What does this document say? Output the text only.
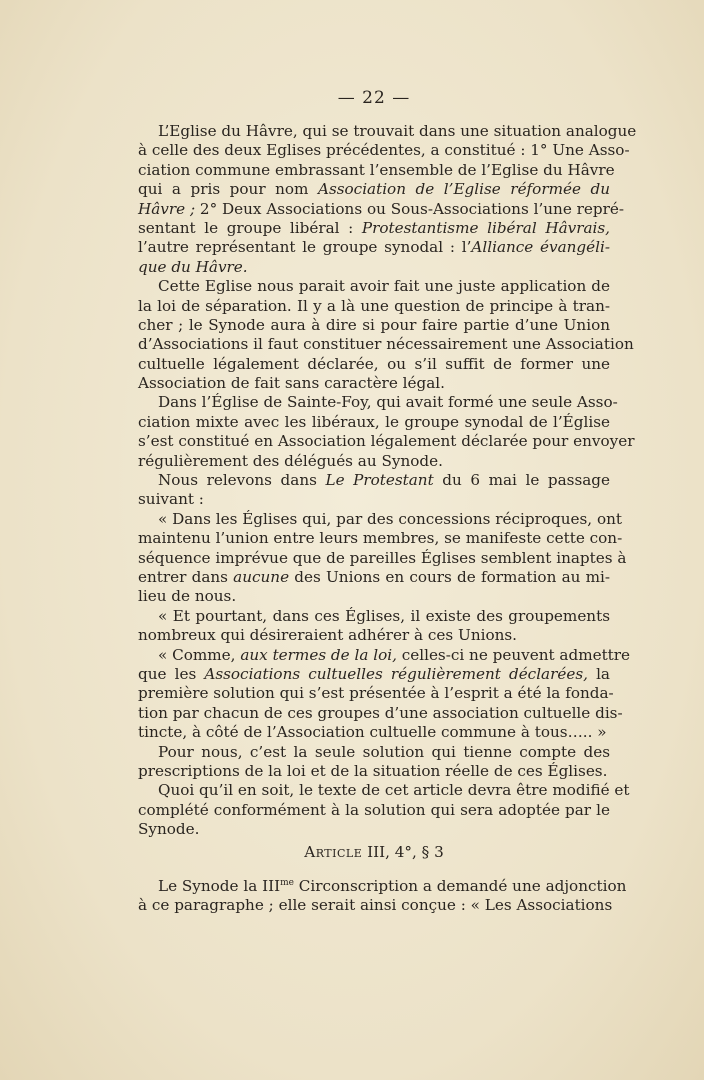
— 22 —
L’Eglise du Hâvre, qui se trouvait dans une situation analogue
à celle des deux Eglises précédentes, a constitué : 1° Une Asso-
ciation commune embrassant l’ensemble de l’Eglise du Hâvre
qui a pris pour nom Association de l’Eglise réformée du
Hâvre ; 2° Deux Associations ou Sous-Associations l’une repré-
sentant le groupe libéral : Protestantisme libéral Hâvrais,
l’autre représentant le groupe synodal : l’Alliance évangéli-
que du Hâvre.
Cette Eglise nous parait avoir fait une juste application de
la loi de séparation. Il y a là une question de principe à tran-
cher ; le Synode aura à dire si pour faire partie d’une Union
d’Associations il faut constituer nécessairement une Association
cultuelle légalement déclarée, ou s’il suffit de former une
Association de fait sans caractère légal.
Dans l’Église de Sainte-Foy, qui avait formé une seule Asso-
ciation mixte avec les libéraux, le groupe synodal de l’Église
s’est constitué en Association légalement déclarée pour envoyer
régulièrement des délégués au Synode.
Nous relevons dans Le Protestant du 6 mai le passage
suivant :
« Dans les Églises qui, par des concessions réciproques, ont
maintenu l’union entre leurs membres, se manifeste cette con-
séquence imprévue que de pareilles Églises semblent inaptes à
entrer dans aucune des Unions en cours de formation au mi-
lieu de nous.
« Et pourtant, dans ces Églises, il existe des groupements
nombreux qui désireraient adhérer à ces Unions.
« Comme, aux termes de la loi, celles-ci ne peuvent admettre
que les Associations cultuelles régulièrement déclarées, la
première solution qui s’est présentée à l’esprit a été la fonda-
tion par chacun de ces groupes d’une association cultuelle dis-
tincte, à côté de l’Association cultuelle commune à tous….. »
Pour nous, c’est la seule solution qui tienne compte des
prescriptions de la loi et de la situation réelle de ces Églises.
Quoi qu’il en soit, le texte de cet article devra être modifié et
complété conformément à la solution qui sera adoptée par le
Synode.
Article III, 4°, § 3
Le Synode la $III^{me}$ Circonscription a demandé une adjonction
à ce paragraphe ; elle serait ainsi conçue : « Les Associations
